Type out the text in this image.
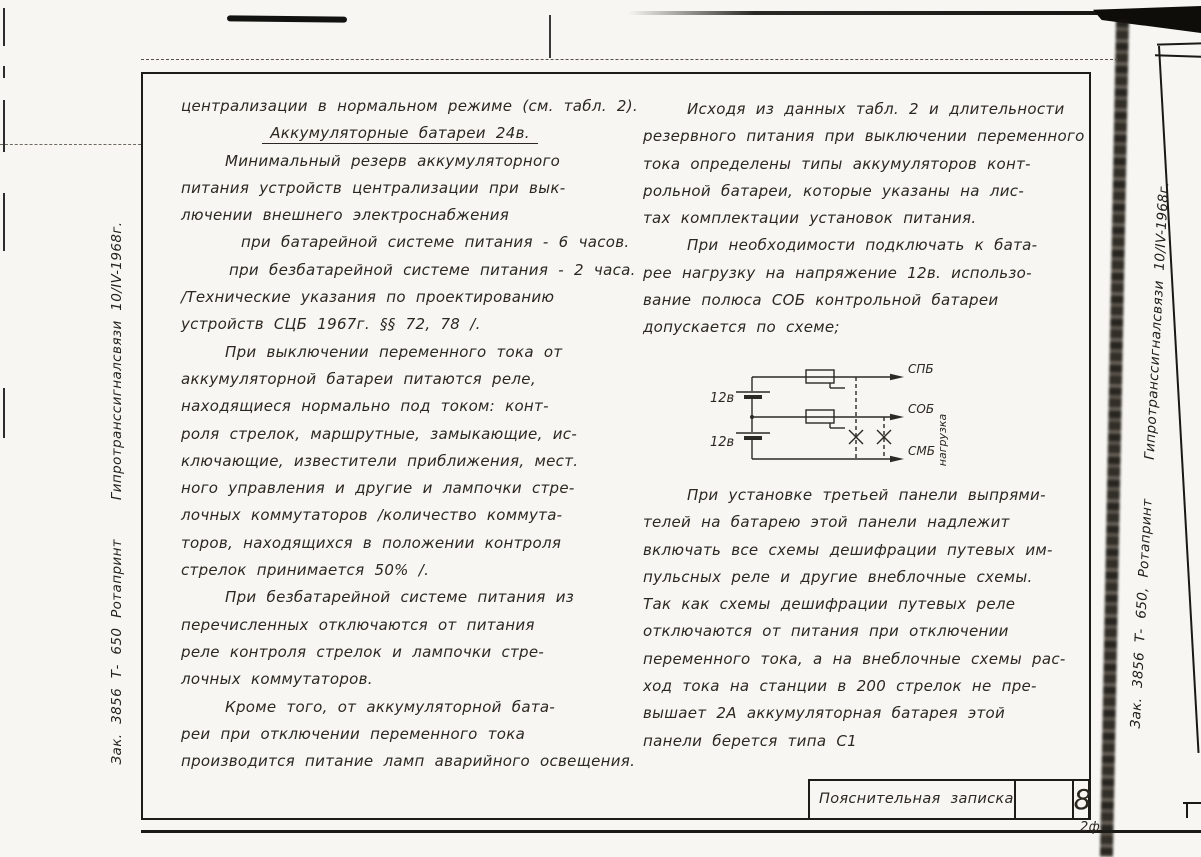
Зак. 3856 Т- 650 Ротапринт    Гипротранссигналсвязи 10/IV-1968г.	Зак. 3856 Т- 650, Ротапринт    Гипротранссигналсвязи 10/IV-1968г.
централизации в нормальном режиме (см. табл. 2).
Аккумуляторные батареи 24в.
Минимальный резерв аккумуляторного
питания устройств централизации при вык-
лючении внешнего электроснабжения
при батарейной системе питания - 6 часов.
при безбатарейной системе питания - 2 часа.
/Технические указания по проектированию
устройств СЦБ 1967г. §§ 72, 78 /.
При выключении переменного тока от
аккумуляторной батареи питаются реле,
находящиеся нормально под током: конт-
роля стрелок, маршрутные, замыкающие, ис-
ключающие, известители приближения, мест.
ного управления и другие и лампочки стре-
лочных коммутаторов /количество коммута-
торов, находящихся в положении контроля
стрелок принимается 50% /.
При безбатарейной системе питания из
перечисленных отключаются от питания
реле контроля стрелок и лампочки стре-
лочных коммутаторов.
Кроме того, от аккумуляторной бата-
реи при отключении переменного тока
производится питание ламп аварийного освещения.
Исходя из данных табл. 2 и длительности
резервного питания при выключении переменного
тока определены типы аккумуляторов конт-
рольной батареи, которые указаны на лис-
тах комплектации установок питания.
При необходимости подключать к бата-
рее нагрузку на напряжение 12в. использо-
вание полюса СОБ контрольной батареи
допускается по схеме;
12в
12в
СПБ
СОБ
СМБ нагрузка
При установке третьей панели выпрями-
телей на батарею этой панели надлежит
включать все схемы дешифрации путевых им-
пульсных реле и другие внеблочные схемы.
Так как схемы дешифрации путевых реле
отключаются от питания при отключении
переменного тока, а на внеблочные схемы рас-
ход тока на станции в 200 стрелок не пре-
вышает 2А аккумуляторная батарея этой
панели берется типа С1
Пояснительная записка 8
2ф
